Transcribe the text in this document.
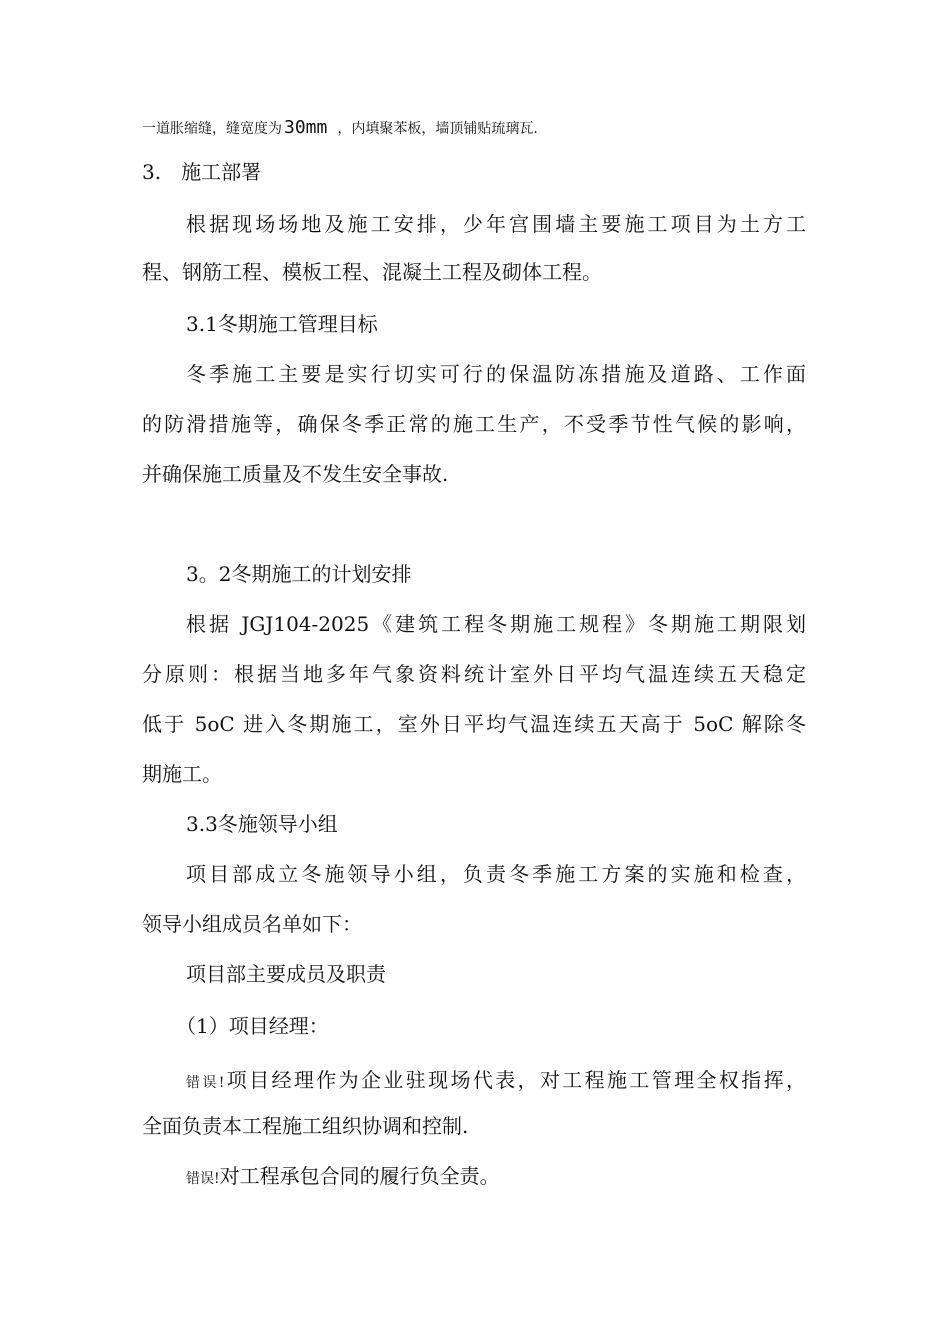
一道胀缩缝，缝宽度为 30mm ，内填聚苯板，墙顶铺贴琉璃瓦.
3.　施工部署
根据现场场地及施工安排，少年宫围墙主要施工项目为土方工
程、钢筋工程、模板工程、混凝土工程及砌体工程。
3.1冬期施工管理目标
冬季施工主要是实行切实可行的保温防冻措施及道路、工作面
的防滑措施等，确保冬季正常的施工生产，不受季节性气候的影响，
并确保施工质量及不发生安全事故.
3。2冬期施工的计划安排
根据 JGJ104-2025《建筑工程冬期施工规程》冬期施工期限划
分原则：根据当地多年气象资料统计室外日平均气温连续五天稳定
低于 5oC 进入冬期施工，室外日平均气温连续五天高于 5oC 解除冬
期施工。
3.3冬施领导小组
项目部成立冬施领导小组，负责冬季施工方案的实施和检查，
领导小组成员名单如下：
项目部主要成员及职责
（1）项目经理：
错误!项目经理作为企业驻现场代表，对工程施工管理全权指挥，
全面负责本工程施工组织协调和控制.
错误!对工程承包合同的履行负全责。
